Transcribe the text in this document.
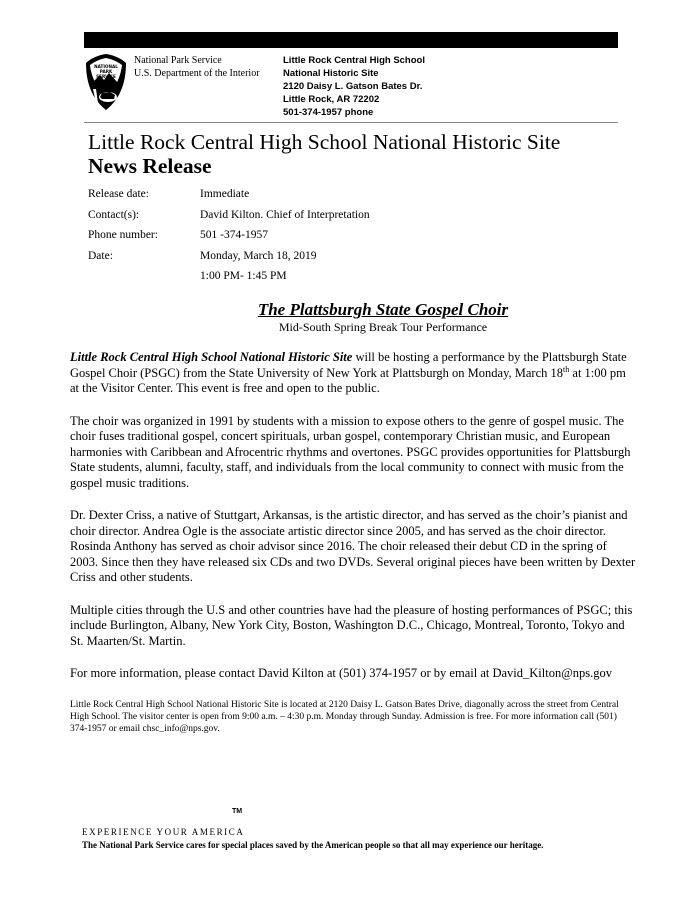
NATIONAL
PARK
SERVICE
National Park Service
U.S. Department of the Interior
Little Rock Central High School
National Historic Site
2120 Daisy L. Gatson Bates Dr.
Little Rock, AR 72202
501-374-1957 phone
Little Rock Central High School National Historic Site
News Release
Release date:	Immediate
Contact(s):	David Kilton. Chief of Interpretation
Phone number:	501 -374-1957
Date:	Monday, March 18, 2019
1:00 PM- 1:45 PM
The Plattsburgh State Gospel Choir
Mid-South Spring Break Tour Performance

Little Rock Central High School National Historic Site will be hosting a performance by the Plattsburgh State Gospel Choir (PSGC) from the State University of New York at Plattsburgh on Monday, March 18th at 1:00 pm at the Visitor Center. This event is free and open to the public.

The choir was organized in 1991 by students with a mission to expose others to the genre of gospel music. The choir fuses traditional gospel, concert spirituals, urban gospel, contemporary Christian music, and European harmonies with Caribbean and Afrocentric rhythms and overtones. PSGC provides opportunities for Plattsburgh State students, alumni, faculty, staff, and individuals from the local community to connect with music from the gospel music traditions.

Dr. Dexter Criss, a native of Stuttgart, Arkansas, is the artistic director, and has served as the choir’s pianist and choir director. Andrea Ogle is the associate artistic director since 2005, and has served as the choir director. Rosinda Anthony has served as choir advisor since 2016. The choir released their debut CD in the spring of 2003. Since then they have released six CDs and two DVDs. Several original pieces have been written by Dexter Criss and other students.

Multiple cities through the U.S and other countries have had the pleasure of hosting performances of PSGC; this include Burlington, Albany, New York City, Boston, Washington D.C., Chicago, Montreal, Toronto, Tokyo and St. Maarten/St. Martin.

For more information, please contact David Kilton at (501) 374-1957 or by email at David_Kilton@nps.gov

Little Rock Central High School National Historic Site is located at 2120 Daisy L. Gatson Bates Drive, diagonally across the street from Central High School. The visitor center is open from 9:00 a.m. – 4:30 p.m. Monday through Sunday. Admission is free. For more information call (501) 374-1957 or email chsc_info@nps.gov.

TM
EXPERIENCE YOUR AMERICA
The National Park Service cares for special places saved by the American people so that all may experience our heritage.
